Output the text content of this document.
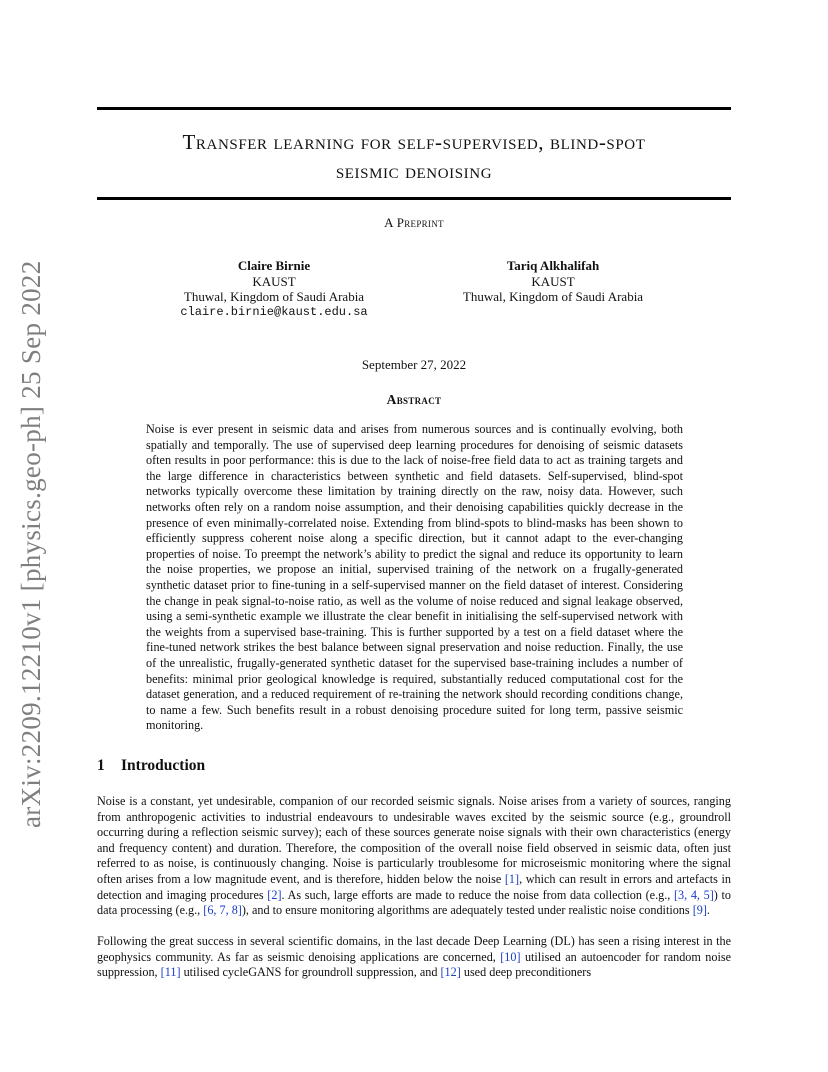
arXiv:2209.12210v1 [physics.geo-ph] 25 Sep 2022
Transfer learning for self-supervised, blind-spot
seismic denoising
A Preprint
Claire Birnie
KAUST
Thuwal, Kingdom of Saudi Arabia
claire.birnie@kaust.edu.sa
Tariq Alkhalifah
KAUST
Thuwal, Kingdom of Saudi Arabia
September 27, 2022
Abstract
Noise is ever present in seismic data and arises from numerous sources and is continually evolving, both spatially and temporally. The use of supervised deep learning procedures for denoising of seismic datasets often results in poor performance: this is due to the lack of noise-free field data to act as training targets and the large difference in characteristics between synthetic and field datasets. Self-supervised, blind-spot networks typically overcome these limitation by training directly on the raw, noisy data. However, such networks often rely on a random noise assumption, and their denoising capabilities quickly decrease in the presence of even minimally-correlated noise. Extending from blind-spots to blind-masks has been shown to efficiently suppress coherent noise along a specific direction, but it cannot adapt to the ever-changing properties of noise. To preempt the network’s ability to predict the signal and reduce its opportunity to learn the noise properties, we propose an initial, supervised training of the network on a frugally-generated synthetic dataset prior to fine-tuning in a self-supervised manner on the field dataset of interest. Considering the change in peak signal-to-noise ratio, as well as the volume of noise reduced and signal leakage observed, using a semi-synthetic example we illustrate the clear benefit in initialising the self-supervised network with the weights from a supervised base-training. This is further supported by a test on a field dataset where the fine-tuned network strikes the best balance between signal preservation and noise reduction. Finally, the use of the unrealistic, frugally-generated synthetic dataset for the supervised base-training includes a number of benefits: minimal prior geological knowledge is required, substantially reduced computational cost for the dataset generation, and a reduced requirement of re-training the network should recording conditions change, to name a few. Such benefits result in a robust denoising procedure suited for long term, passive seismic monitoring.
1 Introduction

Noise is a constant, yet undesirable, companion of our recorded seismic signals. Noise arises from a variety of sources, ranging from anthropogenic activities to industrial endeavours to undesirable waves excited by the seismic source (e.g., groundroll occurring during a reflection seismic survey); each of these sources generate noise signals with their own characteristics (energy and frequency content) and duration. Therefore, the composition of the overall noise field observed in seismic data, often just referred to as noise, is continuously changing. Noise is particularly troublesome for microseismic monitoring where the signal often arises from a low magnitude event, and is therefore, hidden below the noise [1], which can result in errors and artefacts in detection and imaging procedures [2]. As such, large efforts are made to reduce the noise from data collection (e.g., [3, 4, 5]) to data processing (e.g., [6, 7, 8]), and to ensure monitoring algorithms are adequately tested under realistic noise conditions [9].

Following the great success in several scientific domains, in the last decade Deep Learning (DL) has seen a rising interest in the geophysics community. As far as seismic denoising applications are concerned, [10] utilised an autoencoder for random noise suppression, [11] utilised cycleGANS for groundroll suppression, and [12] used deep preconditioners
